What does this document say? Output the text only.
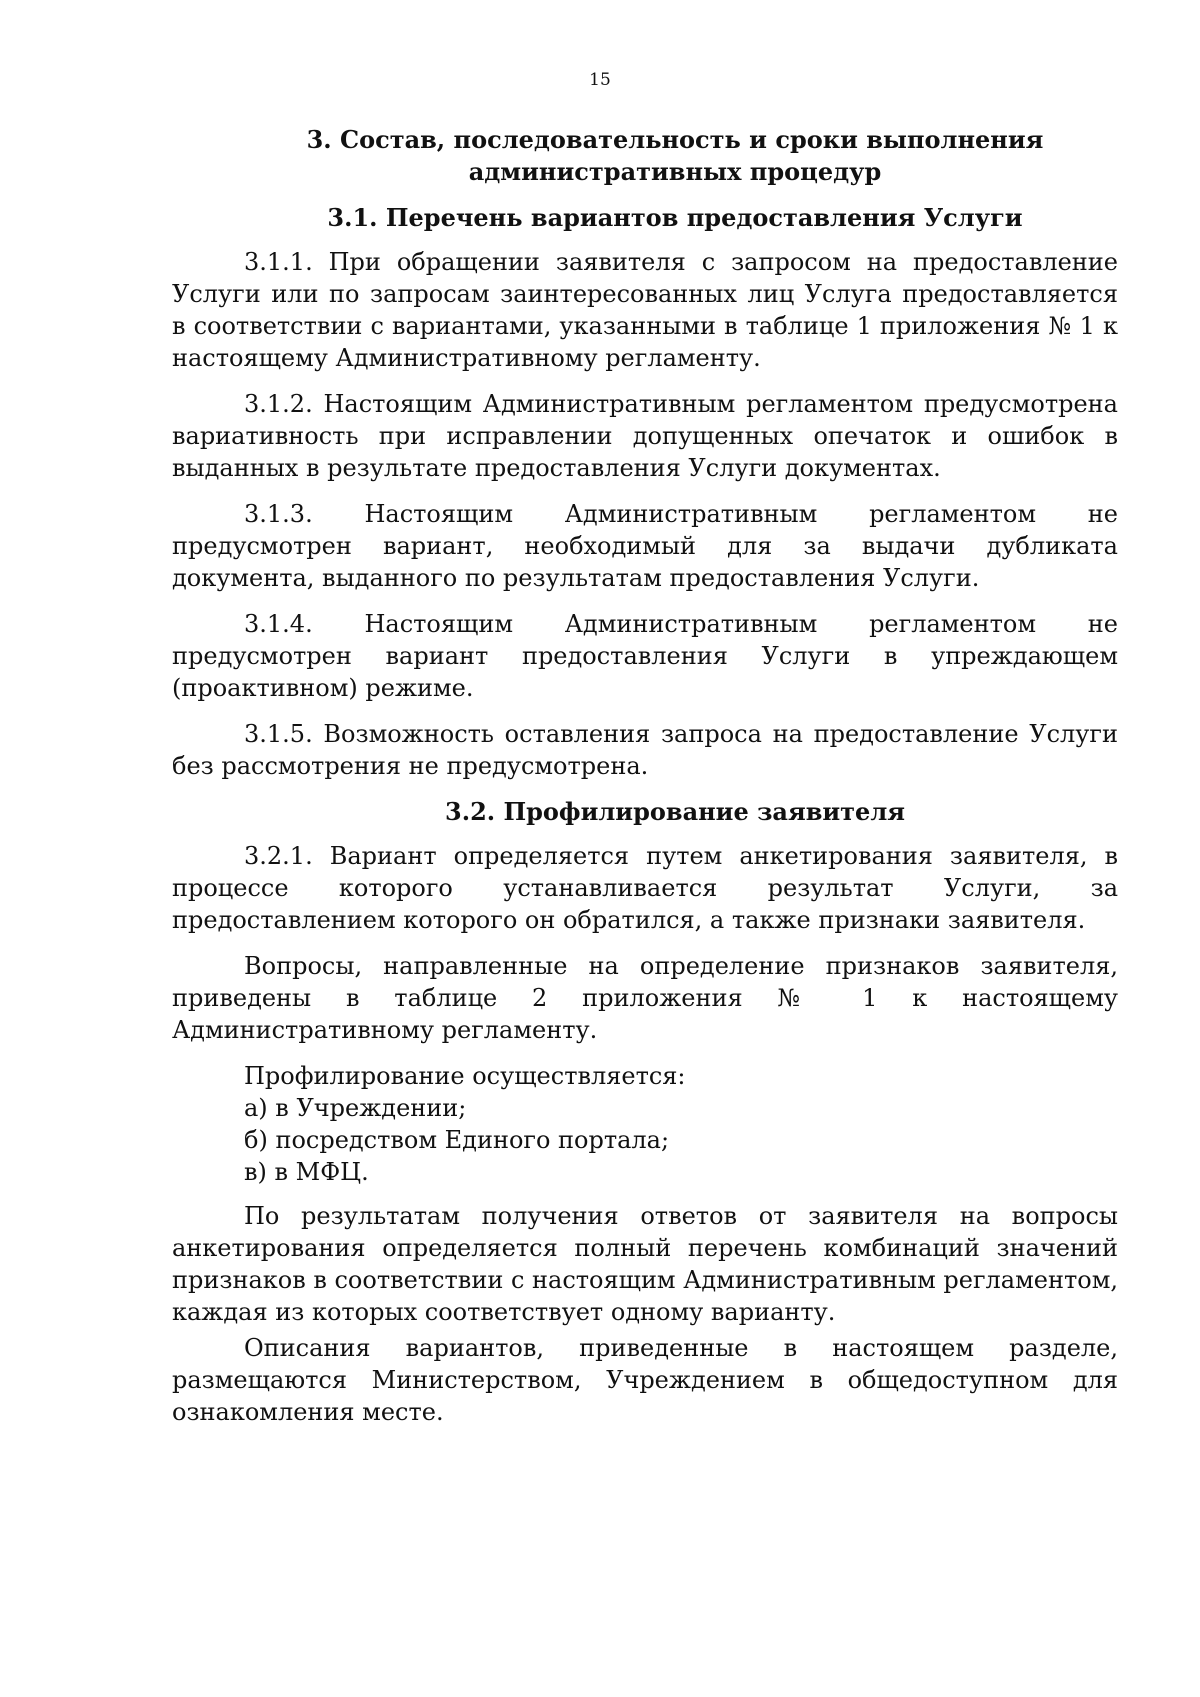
15
3. Состав, последовательность и сроки выполнения
административных процедур
3.1. Перечень вариантов предоставления Услуги

3.1.1. При обращении заявителя с запросом на предоставление Услуги или по запросам заинтересованных лиц Услуга предоставляется в соответствии с вариантами, указанными в таблице 1 приложения № 1 к настоящему Административному регламенту.

3.1.2. Настоящим Административным регламентом предусмотрена вариативность при исправлении допущенных опечаток и ошибок в выданных в результате предоставления Услуги документах.

3.1.3. Настоящим Административным регламентом не предусмотрен вариант, необходимый для за выдачи дубликата документа, выданного по результатам предоставления Услуги.

3.1.4. Настоящим Административным регламентом не предусмотрен вариант предоставления Услуги в упреждающем (проактивном) режиме.

3.1.5. Возможность оставления запроса на предоставление Услуги без рассмотрения не предусмотрена.

3.2. Профилирование заявителя

3.2.1. Вариант определяется путем анкетирования заявителя, в процессе которого устанавливается результат Услуги, за предоставлением которого он обратился, а также признаки заявителя.

Вопросы, направленные на определение признаков заявителя, приведены в таблице 2 приложения № 1 к настоящему Административному регламенту.

Профилирование осуществляется:
а) в Учреждении;
б) посредством Единого портала;
в) в МФЦ.

По результатам получения ответов от заявителя на вопросы анкетирования определяется полный перечень комбинаций значений признаков в соответствии с настоящим Административным регламентом, каждая из которых соответствует одному варианту.

Описания вариантов, приведенные в настоящем разделе, размещаются Министерством, Учреждением в общедоступном для ознакомления месте.
